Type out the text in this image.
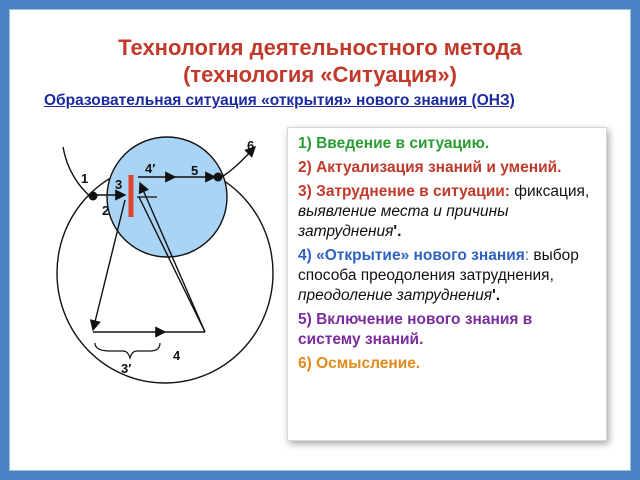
Технология деятельностного метода
(технология «Ситуация»)
Образовательная ситуация «открытия» нового знания (ОНЗ)
1
2
3
4′	5
6
3′
4
1) Введение в ситуацию.
2) Актуализация знаний и умений.
3) Затруднение в ситуации: фиксация, выявление места и причины затруднения'.
4) «Открытие» нового знания: выбор способа преодоления затруднения, преодоление затруднения'.
5) Включение нового знания в систему знаний.
6) Осмысление.
